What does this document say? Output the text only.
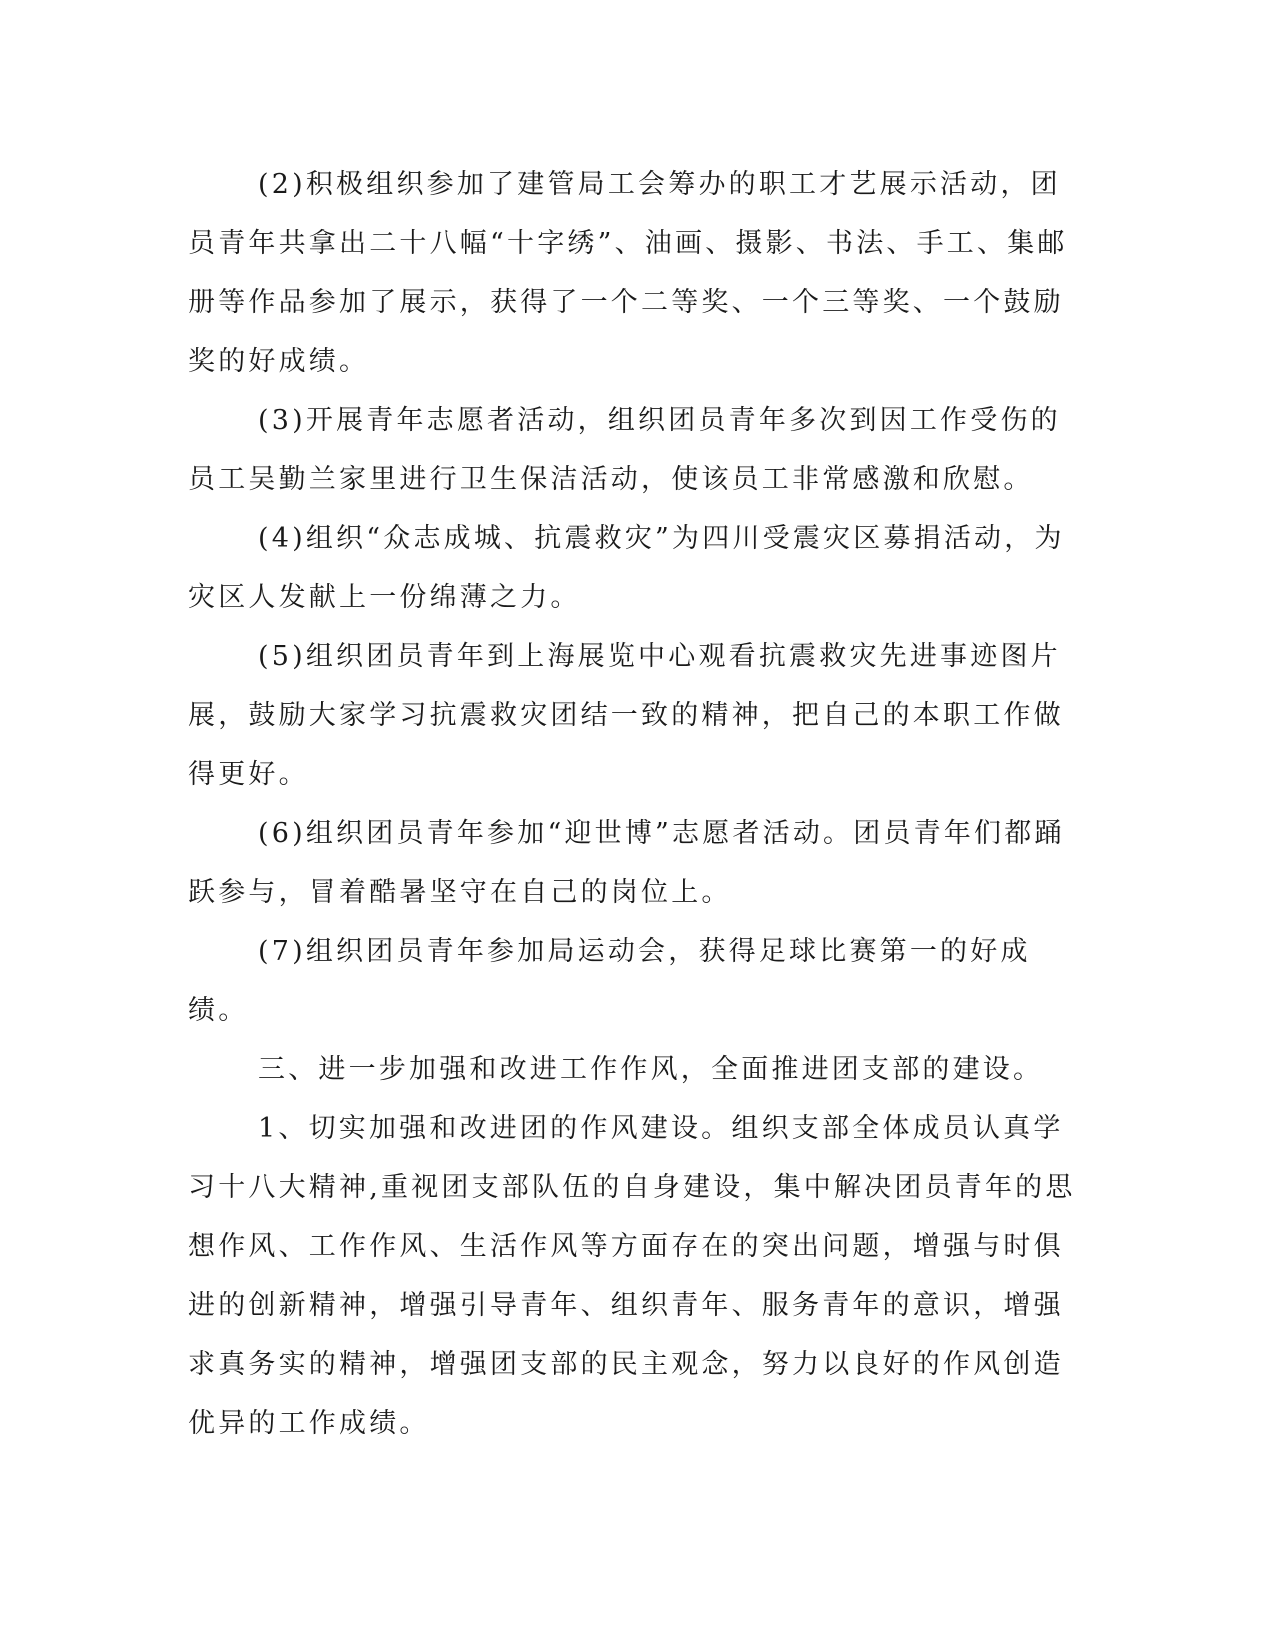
(2)积极组织参加了建管局工会筹办的职工才艺展示活动，团员青年共拿出二十八幅“十字绣”、油画、摄影、书法、手工、集邮册等作品参加了展示，获得了一个二等奖、一个三等奖、一个鼓励奖的好成绩。

(3)开展青年志愿者活动，组织团员青年多次到因工作受伤的员工吴勤兰家里进行卫生保洁活动，使该员工非常感激和欣慰。

(4)组织“众志成城、抗震救灾”为四川受震灾区募捐活动，为灾区人发献上一份绵薄之力。

(5)组织团员青年到上海展览中心观看抗震救灾先进事迹图片展，鼓励大家学习抗震救灾团结一致的精神，把自己的本职工作做得更好。

(6)组织团员青年参加“迎世博”志愿者活动。团员青年们都踊跃参与，冒着酷暑坚守在自己的岗位上。

(7)组织团员青年参加局运动会，获得足球比赛第一的好成绩。

三、进一步加强和改进工作作风，全面推进团支部的建设。

1、切实加强和改进团的作风建设。组织支部全体成员认真学习十八大精神,重视团支部队伍的自身建设，集中解决团员青年的思想作风、工作作风、生活作风等方面存在的突出问题，增强与时俱进的创新精神，增强引导青年、组织青年、服务青年的意识，增强求真务实的精神，增强团支部的民主观念，努力以良好的作风创造优异的工作成绩。
